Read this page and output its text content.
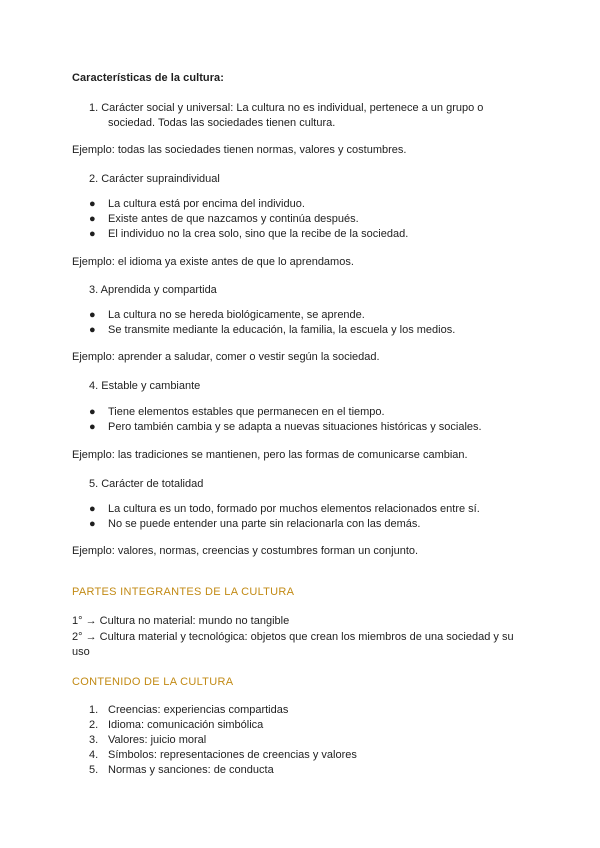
Características de la cultura:

1. Carácter social y universal: La cultura no es individual, pertenece a un grupo o

sociedad. Todas las sociedades tienen cultura.

Ejemplo: todas las sociedades tienen normas, valores y costumbres.

2. Carácter supraindividual

● La cultura está por encima del individuo.

● Existe antes de que nazcamos y continúa después.

● El individuo no la crea solo, sino que la recibe de la sociedad.

Ejemplo: el idioma ya existe antes de que lo aprendamos.

3. Aprendida y compartida

● La cultura no se hereda biológicamente, se aprende.

● Se transmite mediante la educación, la familia, la escuela y los medios.

Ejemplo: aprender a saludar, comer o vestir según la sociedad.

4. Estable y cambiante

● Tiene elementos estables que permanecen en el tiempo.

● Pero también cambia y se adapta a nuevas situaciones históricas y sociales.

Ejemplo: las tradiciones se mantienen, pero las formas de comunicarse cambian.

5. Carácter de totalidad

● La cultura es un todo, formado por muchos elementos relacionados entre sí.

● No se puede entender una parte sin relacionarla con las demás.

Ejemplo: valores, normas, creencias y costumbres forman un conjunto.

PARTES INTEGRANTES DE LA CULTURA

1° → Cultura no material: mundo no tangible

2° → Cultura material y tecnológica: objetos que crean los miembros de una sociedad y su

uso

CONTENIDO DE LA CULTURA

1. Creencias: experiencias compartidas

2. Idioma: comunicación simbólica

3. Valores: juicio moral

4. Símbolos: representaciones de creencias y valores

5. Normas y sanciones: de conducta
